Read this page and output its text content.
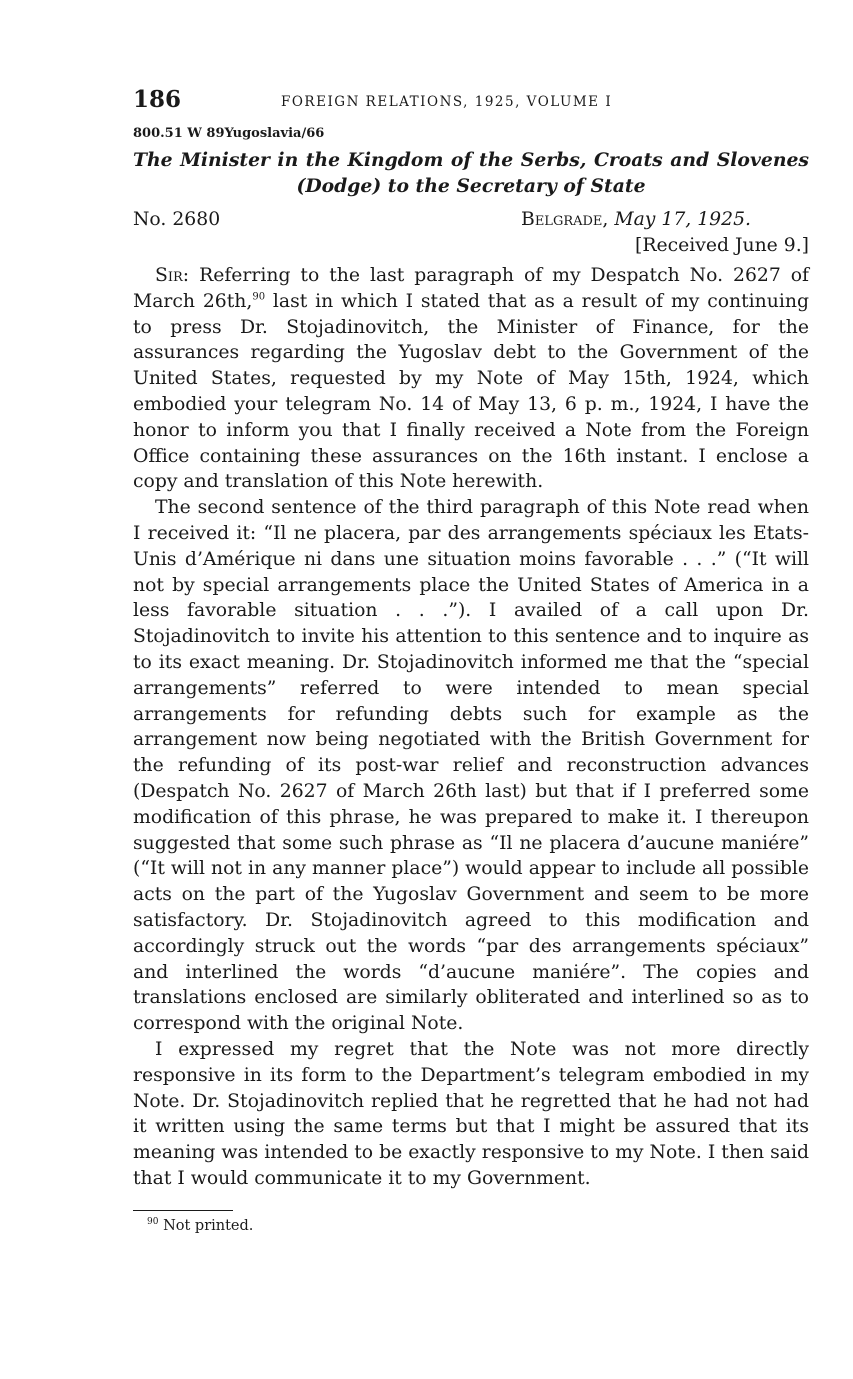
186	FOREIGN RELATIONS, 1925, VOLUME I
800.51 W 89Yugoslavia/66
The Minister in the Kingdom of the Serbs, Croats and Slovenes
(Dodge) to the Secretary of State
No. 2680	Belgrade, May 17, 1925.
[Received June 9.]

Sir: Referring to the last paragraph of my Despatch No. 2627 of March 26th,$^{90}$ last in which I stated that as a result of my continuing to press Dr. Stojadinovitch, the Minister of Finance, for the assurances regarding the Yugoslav debt to the Government of the United States, requested by my Note of May 15th, 1924, which embodied your telegram No. 14 of May 13, 6 p. m., 1924, I have the honor to inform you that I finally received a Note from the Foreign Office containing these assurances on the 16th instant. I enclose a copy and translation of this Note herewith.

The second sentence of the third paragraph of this Note read when I received it: “Il ne placera, par des arrangements spéciaux les Etats-Unis d’Amérique ni dans une situation moins favorable . . .” (“It will not by special arrangements place the United States of America in a less favorable situation . . .”). I availed of a call upon Dr. Stojadinovitch to invite his attention to this sentence and to inquire as to its exact meaning. Dr. Stojadinovitch informed me that the “special arrangements” referred to were intended to mean special arrangements for refunding debts such for example as the arrangement now being negotiated with the British Government for the refunding of its post-war relief and reconstruction advances (Despatch No. 2627 of March 26th last) but that if I preferred some modification of this phrase, he was prepared to make it. I thereupon suggested that some such phrase as “Il ne placera d’aucune maniére” (“It will not in any manner place”) would appear to include all possible acts on the part of the Yugoslav Government and seem to be more satisfactory. Dr. Stojadinovitch agreed to this modification and accordingly struck out the words “par des arrangements spéciaux” and interlined the words “d’aucune maniére”. The copies and translations enclosed are similarly obliterated and interlined so as to correspond with the original Note.

I expressed my regret that the Note was not more directly responsive in its form to the Department’s telegram embodied in my Note. Dr. Stojadinovitch replied that he regretted that he had not had it written using the same terms but that I might be assured that its meaning was intended to be exactly responsive to my Note. I then said that I would communicate it to my Government.

$^{90}$ Not printed.
